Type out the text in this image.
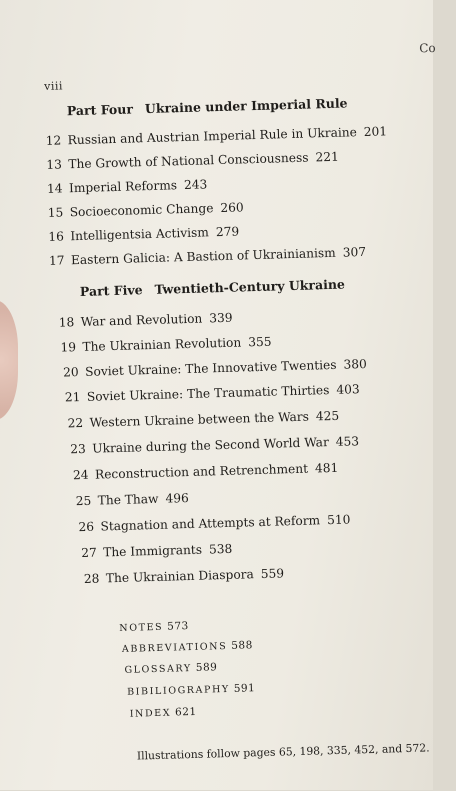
Co
viii
Part Four Ukraine under Imperial Rule
12 Russian and Austrian Imperial Rule in Ukraine 201
13 The Growth of National Consciousness 221
14 Imperial Reforms 243
15 Socioeconomic Change 260
16 Intelligentsia Activism 279
17 Eastern Galicia: A Bastion of Ukrainianism 307
Part Five Twentieth-Century Ukraine
18 War and Revolution 339
19 The Ukrainian Revolution 355
20 Soviet Ukraine: The Innovative Twenties 380
21 Soviet Ukraine: The Traumatic Thirties 403
22 Western Ukraine between the Wars 425
23 Ukraine during the Second World War 453
24 Reconstruction and Retrenchment 481
25 The Thaw 496
26 Stagnation and Attempts at Reform 510
27 The Immigrants 538
28 The Ukrainian Diaspora 559
NOTES 573
ABBREVIATIONS 588
GLOSSARY 589
BIBILIOGRAPHY 591
INDEX 621
Illustrations follow pages 65, 198, 335, 452, and 572.
